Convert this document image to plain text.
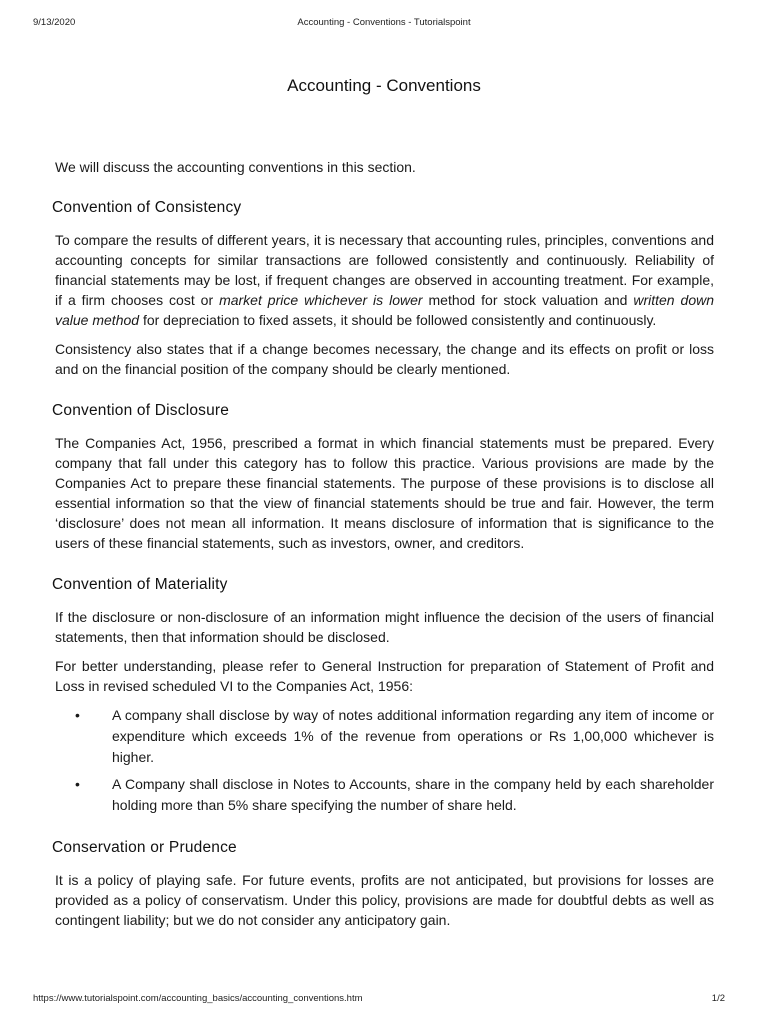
9/13/2020	Accounting - Conventions - Tutorialspoint
Accounting - Conventions

We will discuss the accounting conventions in this section.

Convention of Consistency

To compare the results of different years, it is necessary that accounting rules, principles, conventions and accounting concepts for similar transactions are followed consistently and continuously. Reliability of financial statements may be lost, if frequent changes are observed in accounting treatment. For example, if a firm chooses cost or market price whichever is lower method for stock valuation and written down value method for depreciation to fixed assets, it should be followed consistently and continuously.

Consistency also states that if a change becomes necessary, the change and its effects on profit or loss and on the financial position of the company should be clearly mentioned.

Convention of Disclosure

The Companies Act, 1956, prescribed a format in which financial statements must be prepared. Every company that fall under this category has to follow this practice. Various provisions are made by the Companies Act to prepare these financial statements. The purpose of these provisions is to disclose all essential information so that the view of financial statements should be true and fair. However, the term ‘disclosure’ does not mean all information. It means disclosure of information that is significance to the users of these financial statements, such as investors, owner, and creditors.

Convention of Materiality

If the disclosure or non-disclosure of an information might influence the decision of the users of financial statements, then that information should be disclosed.

For better understanding, please refer to General Instruction for preparation of Statement of Profit and Loss in revised scheduled VI to the Companies Act, 1956:

• A company shall disclose by way of notes additional information regarding any item of income or expenditure which exceeds 1% of the revenue from operations or Rs 1,00,000 whichever is higher.
• A Company shall disclose in Notes to Accounts, share in the company held by each shareholder holding more than 5% share specifying the number of share held.
Conservation or Prudence

It is a policy of playing safe. For future events, profits are not anticipated, but provisions for losses are provided as a policy of conservatism. Under this policy, provisions are made for doubtful debts as well as contingent liability; but we do not consider any anticipatory gain.

https://www.tutorialspoint.com/accounting_basics/accounting_conventions.htm	1/2
